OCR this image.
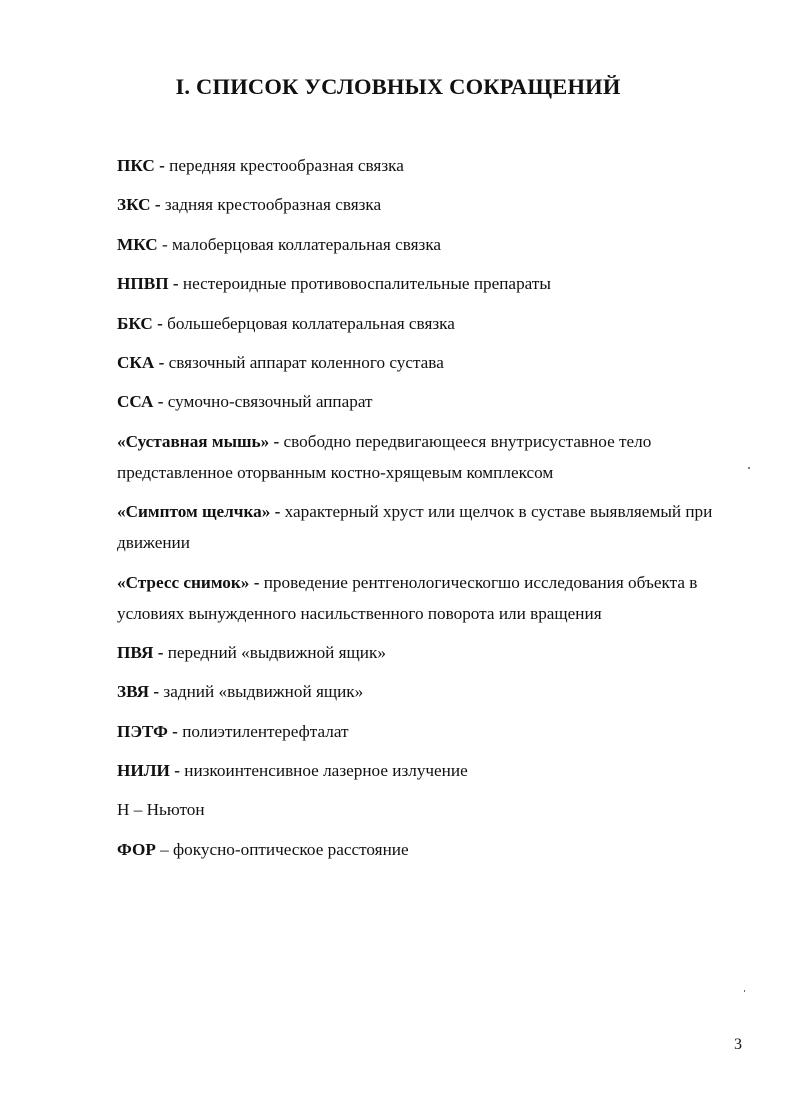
I. СПИСОК УСЛОВНЫХ СОКРАЩЕНИЙ
ПКС - передняя крестообразная связка
ЗКС - задняя крестообразная связка
МКС - малоберцовая коллатеральная связка
НПВП - нестероидные противовоспалительные препараты
БКС - большеберцовая коллатеральная связка
СКА - связочный аппарат коленного сустава
ССА - сумочно-связочный аппарат
«Суставная мышь» - свободно передвигающееся внутрисуставное тело представленное оторванным костно-хрящевым комплексом
«Симптом щелчка» - характерный хруст или щелчок в суставе выявляемый при движении
«Стресс снимок» - проведение рентгенологическогшо исследования объекта в условиях вынужденного насильственного поворота или вращения
ПВЯ - передний «выдвижной ящик»
ЗВЯ - задний «выдвижной ящик»
ПЭТФ - полиэтилентерефталат
НИЛИ - низкоинтенсивное лазерное излучение
Н – Ньютон
ФОР – фокусно-оптическое расстояние
3
